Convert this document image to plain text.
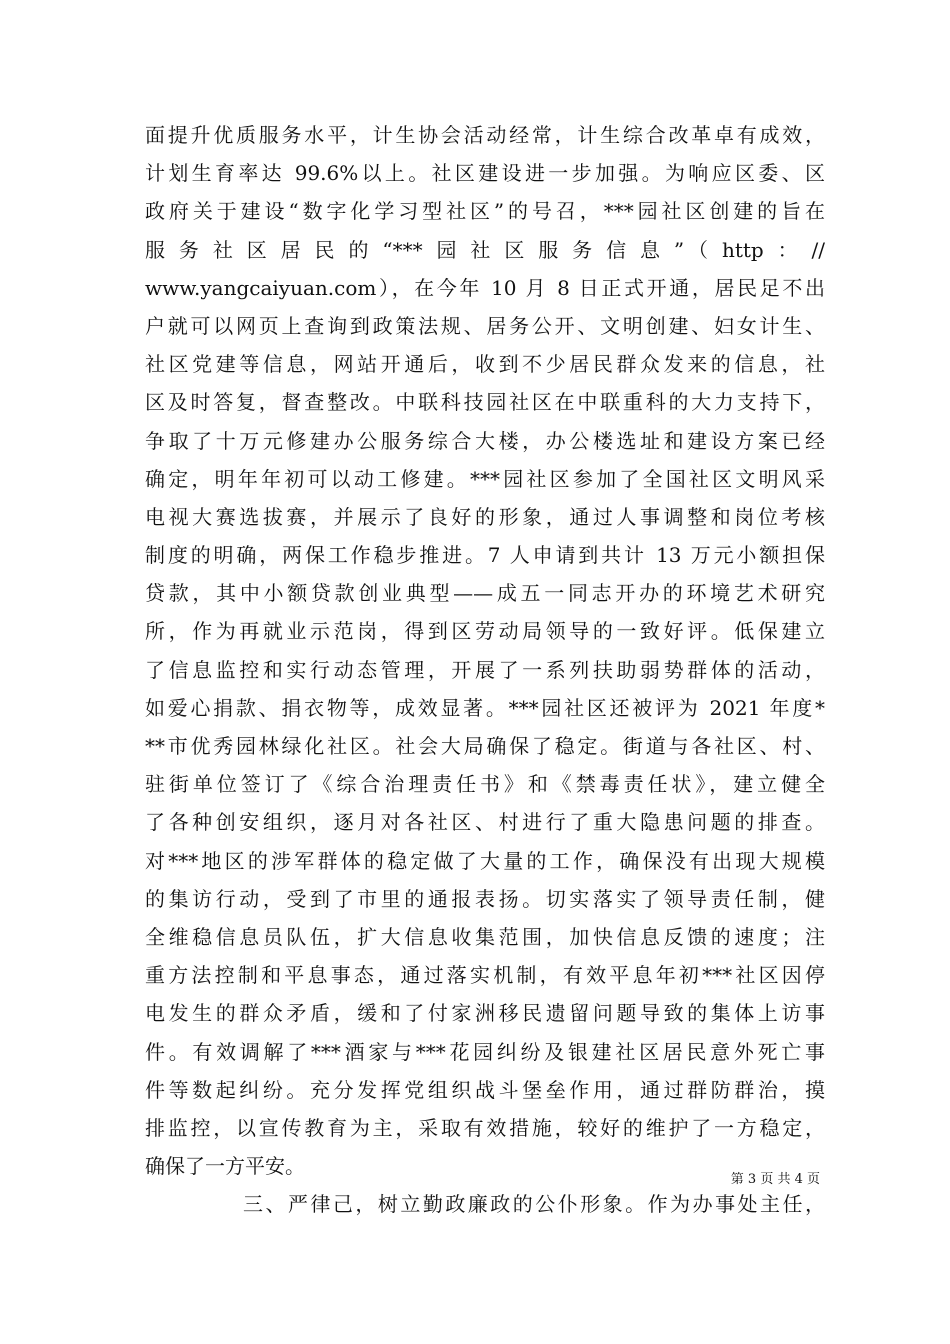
面提升优质服务水平，计生协会活动经常，计生综合改革卓有成效，
计划生育率达 99.6%以上。社区建设进一步加强。为响应区委、区
政府关于建设“数字化学习型社区”的号召，***园社区创建的旨在
服务社区居民的“***园社区服务信息”（http：//
www.yangcaiyuan.com），在今年 10 月 8 日正式开通，居民足不出
户就可以网页上查询到政策法规、居务公开、文明创建、妇女计生、
社区党建等信息，网站开通后，收到不少居民群众发来的信息，社
区及时答复，督查整改。中联科技园社区在中联重科的大力支持下，
争取了十万元修建办公服务综合大楼，办公楼选址和建设方案已经
确定，明年年初可以动工修建。***园社区参加了全国社区文明风采
电视大赛选拔赛，并展示了良好的形象，通过人事调整和岗位考核
制度的明确，两保工作稳步推进。7 人申请到共计 13 万元小额担保
贷款，其中小额贷款创业典型——成五一同志开办的环境艺术研究
所，作为再就业示范岗，得到区劳动局领导的一致好评。低保建立
了信息监控和实行动态管理，开展了一系列扶助弱势群体的活动，
如爱心捐款、捐衣物等，成效显著。***园社区还被评为 2021 年度*
**市优秀园林绿化社区。社会大局确保了稳定。街道与各社区、村、
驻街单位签订了《综合治理责任书》和《禁毒责任状》，建立健全
了各种创安组织，逐月对各社区、村进行了重大隐患问题的排查。
对***地区的涉军群体的稳定做了大量的工作，确保没有出现大规模
的集访行动，受到了市里的通报表扬。切实落实了领导责任制，健
全维稳信息员队伍，扩大信息收集范围，加快信息反馈的速度；注
重方法控制和平息事态，通过落实机制，有效平息年初***社区因停
电发生的群众矛盾，缓和了付家洲移民遗留问题导致的集体上访事
件。有效调解了***酒家与***花园纠纷及银建社区居民意外死亡事
件等数起纠纷。充分发挥党组织战斗堡垒作用，通过群防群治，摸
排监控，以宣传教育为主，采取有效措施，较好的维护了一方稳定，
确保了一方平安。
三、严律己，树立勤政廉政的公仆形象。作为办事处主任，
第 3 页 共 4 页
